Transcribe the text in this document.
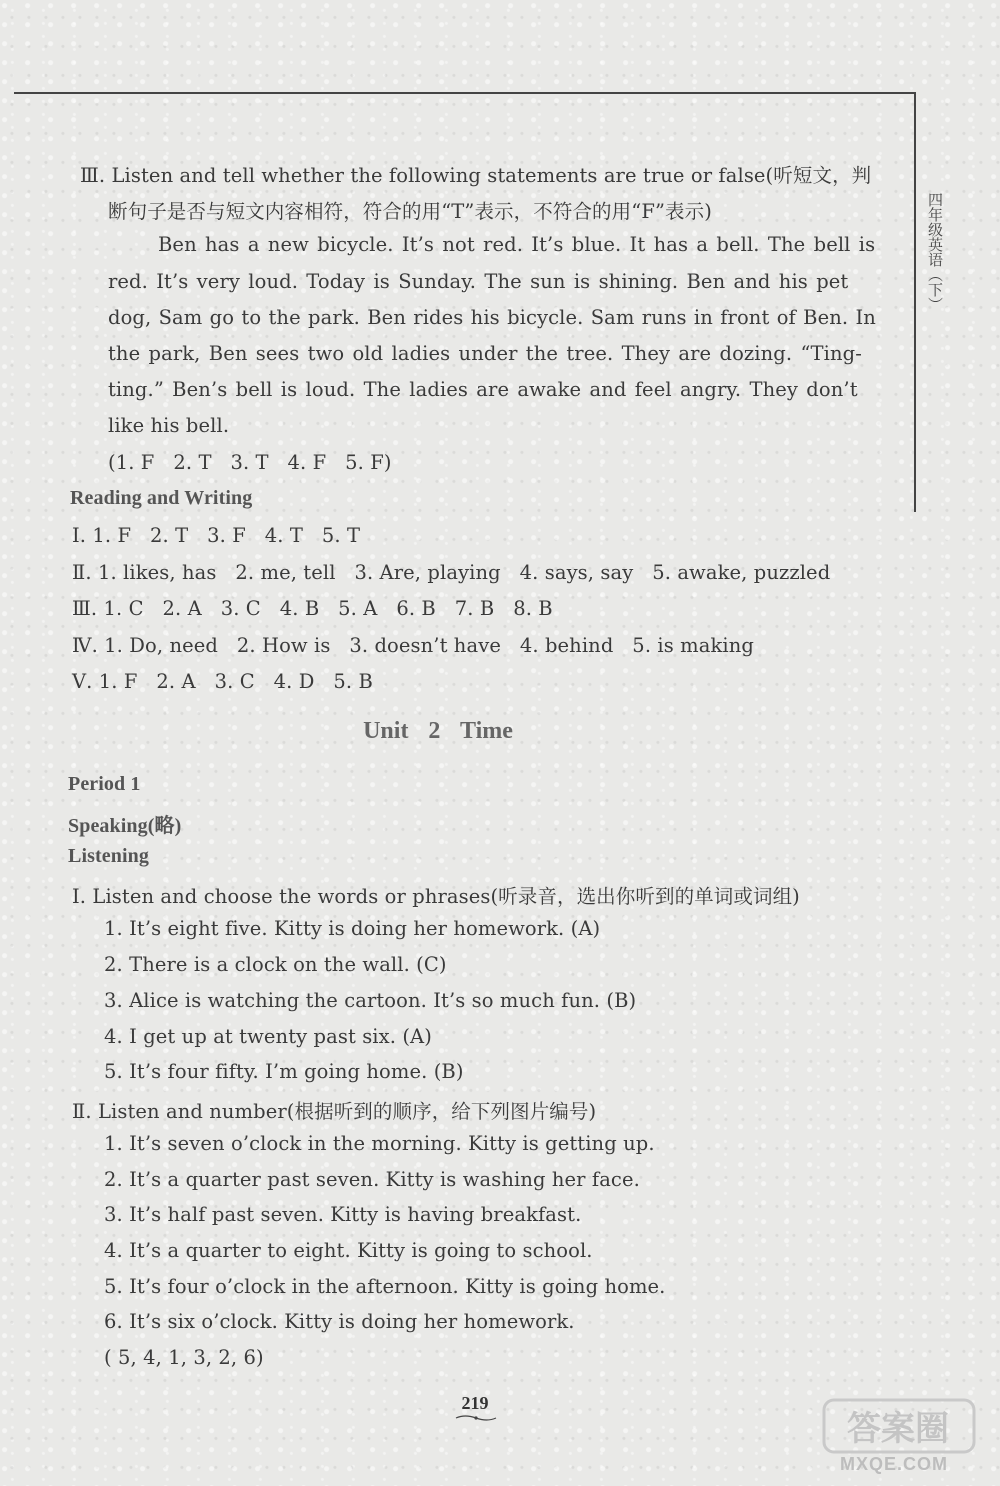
四年级英语（下）
Ⅲ. Listen and tell whether the following statements are true or false(听短文，判
断句子是否与短文内容相符，符合的用“T”表示，不符合的用“F”表示)
Ben has a new bicycle. It’s not red. It’s blue. It has a bell. The bell is
red. It’s very loud. Today is Sunday. The sun is shining. Ben and his pet
dog, Sam go to the park. Ben rides his bicycle. Sam runs in front of Ben. In
the park, Ben sees two old ladies under the tree. They are dozing. “Ting-
ting.” Ben’s bell is loud. The ladies are awake and feel angry. They don’t
like his bell.
(1. F   2. T   3. T   4. F   5. F)
Reading and Writing
Ⅰ. 1. F   2. T   3. F   4. T   5. T
Ⅱ. 1. likes, has   2. me, tell   3. Are, playing   4. says, say   5. awake, puzzled
Ⅲ. 1. C   2. A   3. C   4. B   5. A   6. B   7. B   8. B
Ⅳ. 1. Do, need   2. How is   3. doesn’t have   4. behind   5. is making
Ⅴ. 1. F   2. A   3. C   4. D   5. B
Unit 2 Time
Period 1
Speaking(略)
Listening
Ⅰ. Listen and choose the words or phrases(听录音，选出你听到的单词或词组)
1. It’s eight five. Kitty is doing her homework. (A)
2. There is a clock on the wall. (C)
3. Alice is watching the cartoon. It’s so much fun. (B)
4. I get up at twenty past six. (A)
5. It’s four fifty. I’m going home. (B)
Ⅱ. Listen and number(根据听到的顺序，给下列图片编号)
1. It’s seven o’clock in the morning. Kitty is getting up.
2. It’s a quarter past seven. Kitty is washing her face.
3. It’s half past seven. Kitty is having breakfast.
4. It’s a quarter to eight. Kitty is going to school.
5. It’s four o’clock in the afternoon. Kitty is going home.
6. It’s six o’clock. Kitty is doing her homework.
( 5, 4, 1, 3, 2, 6)
219
答案圈
MXQE.COM
